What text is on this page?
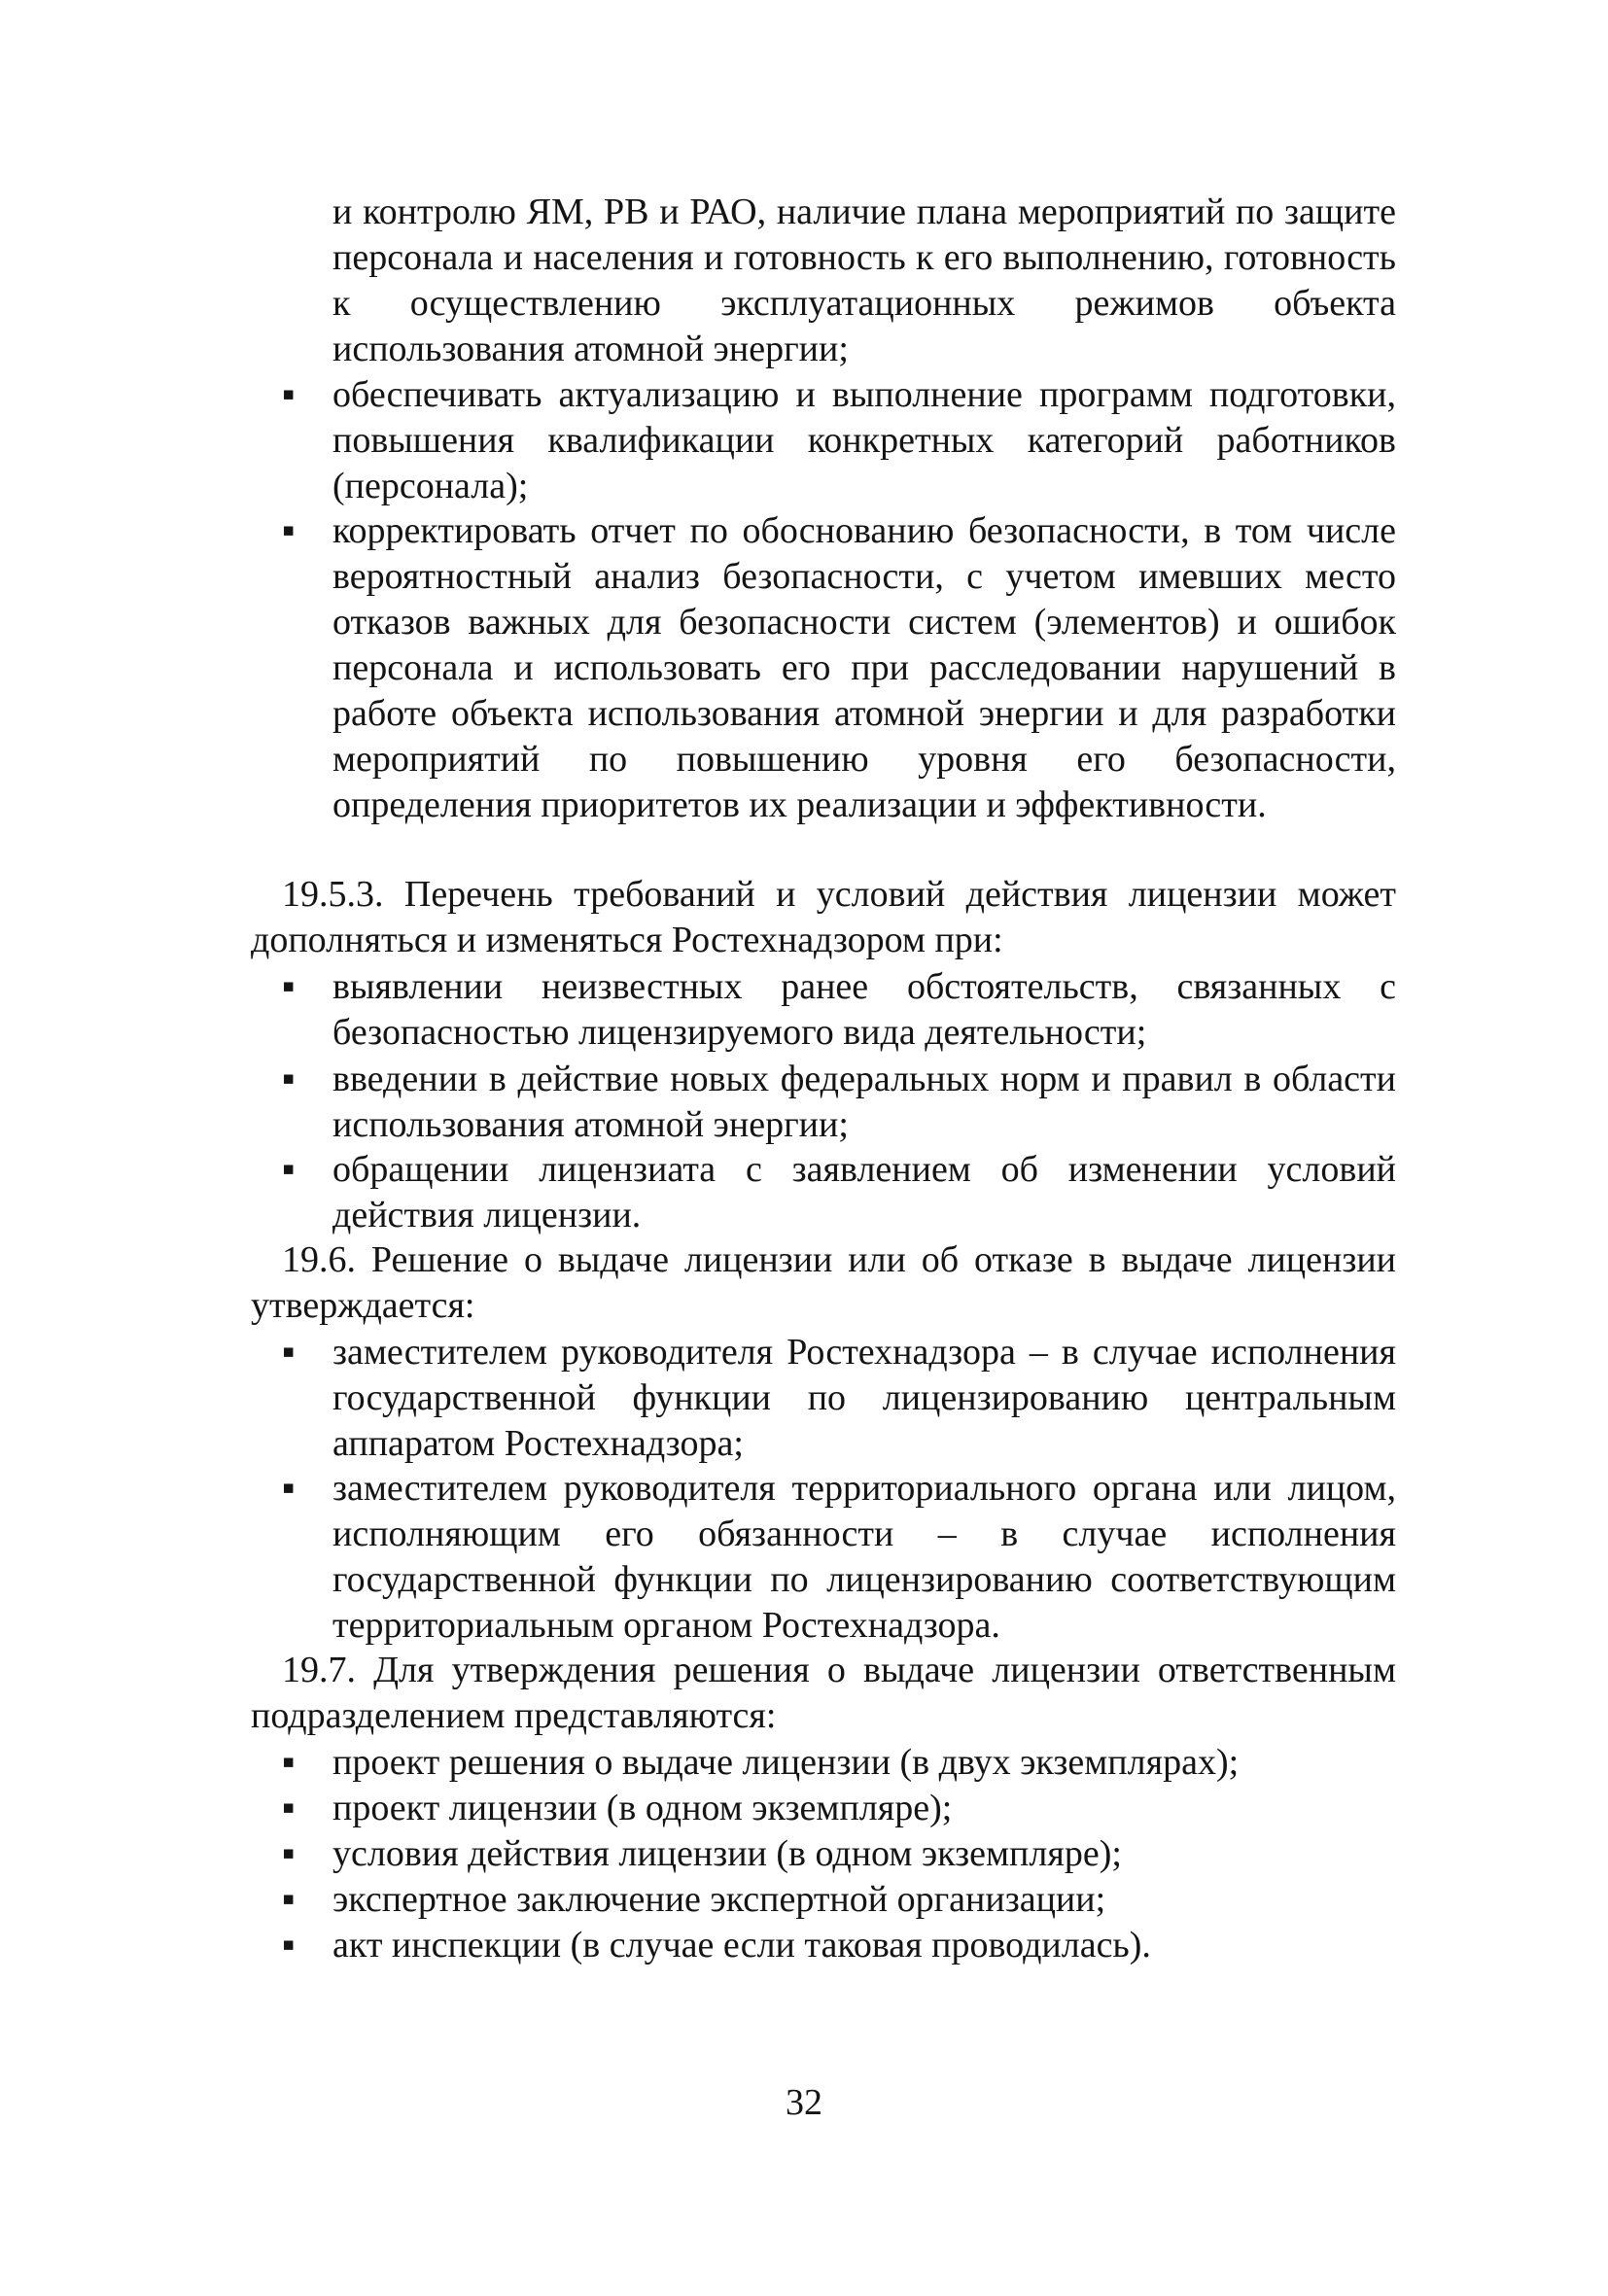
и контролю ЯМ, РВ и РАО, наличие плана мероприятий по защите персонала и населения и готовность к его выполнению, готовность к осуществлению эксплуатационных режимов объекта использования атомной энергии;

▪ обеспечивать актуализацию и выполнение программ подготовки, повышения квалификации конкретных категорий работников (персонала);

▪ корректировать отчет по обоснованию безопасности, в том числе вероятностный анализ безопасности, с учетом имевших место отказов важных для безопасности систем (элементов) и ошибок персонала и использовать его при расследовании нарушений в работе объекта использования атомной энергии и для разработки мероприятий по повышению уровня его безопасности, определения приоритетов их реализации и эффективности.

19.5.3. Перечень требований и условий действия лицензии может дополняться и изменяться Ростехнадзором при:

▪ выявлении неизвестных ранее обстоятельств, связанных с безопасностью лицензируемого вида деятельности;

▪ введении в действие новых федеральных норм и правил в области использования атомной энергии;

▪ обращении лицензиата с заявлением об изменении условий действия лицензии.

19.6. Решение о выдаче лицензии или об отказе в выдаче лицензии утверждается:

▪ заместителем руководителя Ростехнадзора – в случае исполнения государственной функции по лицензированию центральным аппаратом Ростехнадзора;

▪ заместителем руководителя территориального органа или лицом, исполняющим его обязанности – в случае исполнения государственной функции по лицензированию соответствующим территориальным органом Ростехнадзора.

19.7. Для утверждения решения о выдаче лицензии ответственным подразделением представляются:

▪ проект решения о выдаче лицензии (в двух экземплярах);

▪ проект лицензии (в одном экземпляре);

▪ условия действия лицензии (в одном экземпляре);

▪ экспертное заключение экспертной организации;

▪ акт инспекции (в случае если таковая проводилась).

32
